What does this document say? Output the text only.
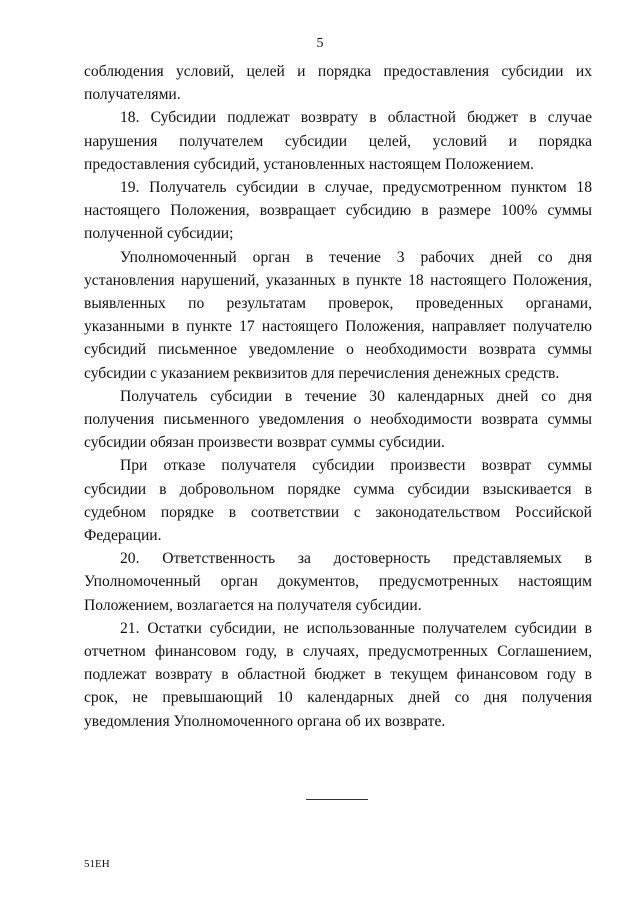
5

соблюдения условий, целей и порядка предоставления субсидии их
получателями.

18. Субсидии подлежат возврату в областной бюджет в случае
нарушения получателем субсидии целей, условий и порядка
предоставления субсидий, установленных настоящем Положением.

19. Получатель субсидии в случае, предусмотренном пунктом 18
настоящего Положения, возвращает субсидию в размере 100% суммы
полученной субсидии;

Уполномоченный орган в течение 3 рабочих дней со дня
установления нарушений, указанных в пункте 18 настоящего Положения,
выявленных по результатам проверок, проведенных органами,
указанными в пункте 17 настоящего Положения, направляет получателю
субсидий письменное уведомление о необходимости возврата суммы
субсидии с указанием реквизитов для перечисления денежных средств.

Получатель субсидии в течение 30 календарных дней со дня
получения письменного уведомления о необходимости возврата суммы
субсидии обязан произвести возврат суммы субсидии.

При отказе получателя субсидии произвести возврат суммы
субсидии в добровольном порядке сумма субсидии взыскивается в
судебном порядке в соответствии с законодательством Российской
Федерации.

20. Ответственность за достоверность представляемых в
Уполномоченный орган документов, предусмотренных настоящим
Положением, возлагается на получателя субсидии.

21. Остатки субсидии, не использованные получателем субсидии в
отчетном финансовом году, в случаях, предусмотренных Соглашением,
подлежат возврату в областной бюджет в текущем финансовом году в
срок, не превышающий 10 календарных дней со дня получения
уведомления Уполномоченного органа об их возврате.

51ЕН
